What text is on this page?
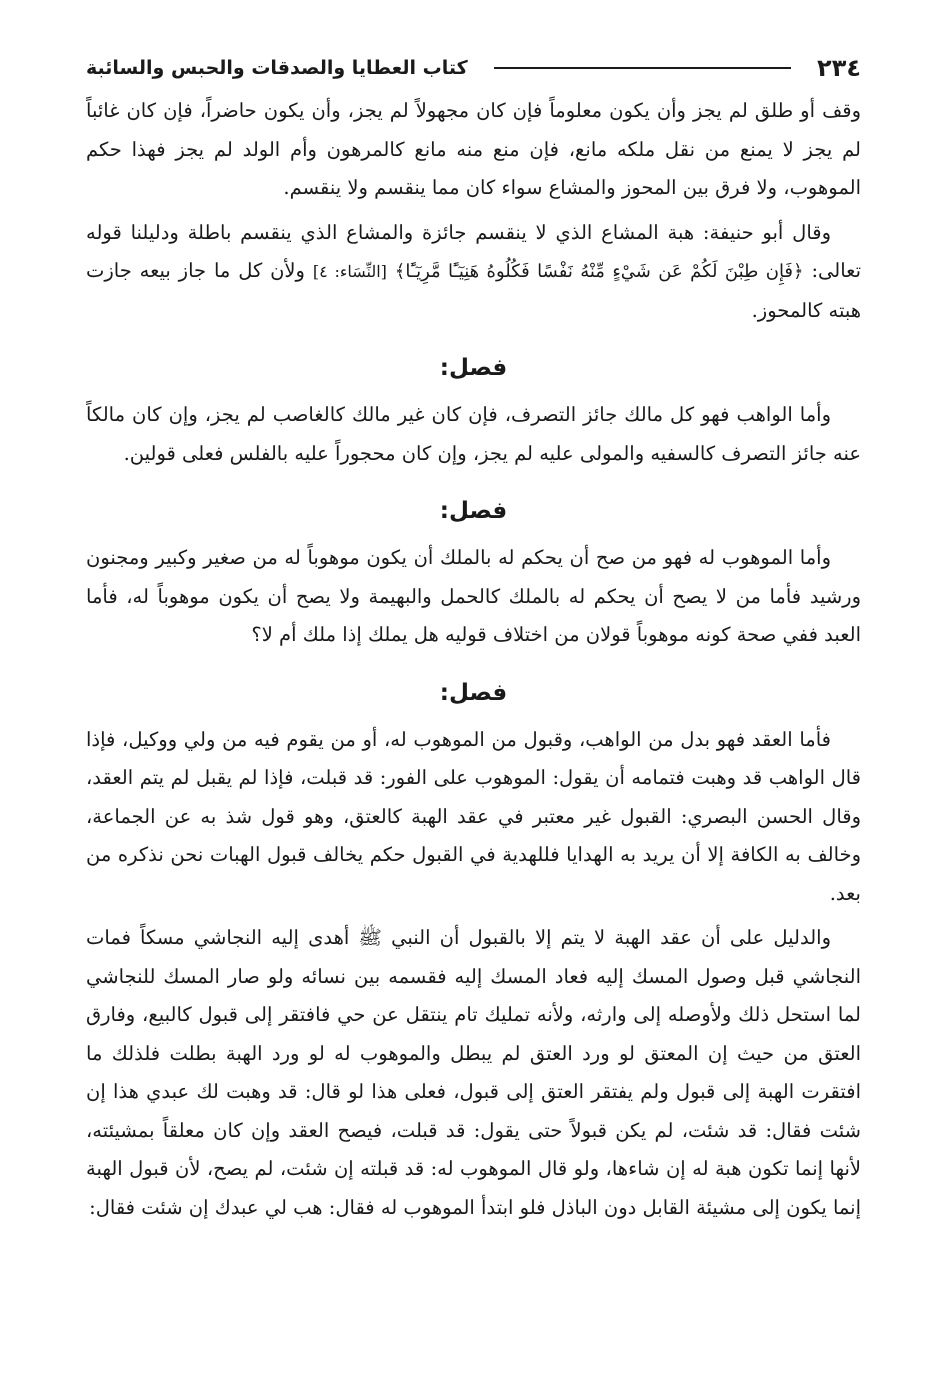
٢٣٤
كتاب العطايا والصدقات والحبس والسائبة

وقف أو طلق لم يجز وأن يكون معلوماً فإن كان مجهولاً لم يجز، وأن يكون حاضراً، فإن كان غائباً لم يجز لا يمنع من نقل ملكه مانع، فإن منع منه مانع كالمرهون وأم الولد لم يجز فهذا حكم الموهوب، ولا فرق بين المحوز والمشاع سواء كان مما ينقسم ولا ينقسم.

وقال أبو حنيفة: هبة المشاع الذي لا ينقسم جائزة والمشاع الذي ينقسم باطلة ودليلنا قوله تعالى: ﴿فَإِن طِبْنَ لَكُمْ عَن شَيْءٍ مِّنْهُ نَفْسًا فَكُلُوهُ هَنِيٓـًٔا مَّرِيٓـًٔا﴾ [النِّسَاء: ٤] ولأن كل ما جاز بيعه جازت هبته كالمحوز.

فصل:

وأما الواهب فهو كل مالك جائز التصرف، فإن كان غير مالك كالغاصب لم يجز، وإن كان مالكاً عنه جائز التصرف كالسفيه والمولى عليه لم يجز، وإن كان محجوراً عليه بالفلس فعلى قولين.

فصل:

وأما الموهوب له فهو من صح أن يحكم له بالملك أن يكون موهوباً له من صغير وكبير ومجنون ورشيد فأما من لا يصح أن يحكم له بالملك كالحمل والبهيمة ولا يصح أن يكون موهوباً له، فأما العبد ففي صحة كونه موهوباً قولان من اختلاف قوليه هل يملك إذا ملك أم لا؟

فصل:

فأما العقد فهو بدل من الواهب، وقبول من الموهوب له، أو من يقوم فيه من ولي ووكيل، فإذا قال الواهب قد وهبت فتمامه أن يقول: الموهوب على الفور: قد قبلت، فإذا لم يقبل لم يتم العقد، وقال الحسن البصري: القبول غير معتبر في عقد الهبة كالعتق، وهو قول شذ به عن الجماعة، وخالف به الكافة إلا أن يريد به الهدايا فللهدية في القبول حكم يخالف قبول الهبات نحن نذكره من بعد.

والدليل على أن عقد الهبة لا يتم إلا بالقبول أن النبي ﷺ أهدى إليه النجاشي مسكاً فمات النجاشي قبل وصول المسك إليه فعاد المسك إليه فقسمه بين نسائه ولو صار المسك للنجاشي لما استحل ذلك ولأوصله إلى وارثه، ولأنه تمليك تام ينتقل عن حي فافتقر إلى قبول كالبيع، وفارق العتق من حيث إن المعتق لو ورد العتق لم يبطل والموهوب له لو ورد الهبة بطلت فلذلك ما افتقرت الهبة إلى قبول ولم يفتقر العتق إلى قبول، فعلى هذا لو قال: قد وهبت لك عبدي هذا إن شئت فقال: قد شئت، لم يكن قبولاً حتى يقول: قد قبلت، فيصح العقد وإن كان معلقاً بمشيئته، لأنها إنما تكون هبة له إن شاءها، ولو قال الموهوب له: قد قبلته إن شئت، لم يصح، لأن قبول الهبة إنما يكون إلى مشيئة القابل دون الباذل فلو ابتدأ الموهوب له فقال: هب لي عبدك إن شئت فقال:
